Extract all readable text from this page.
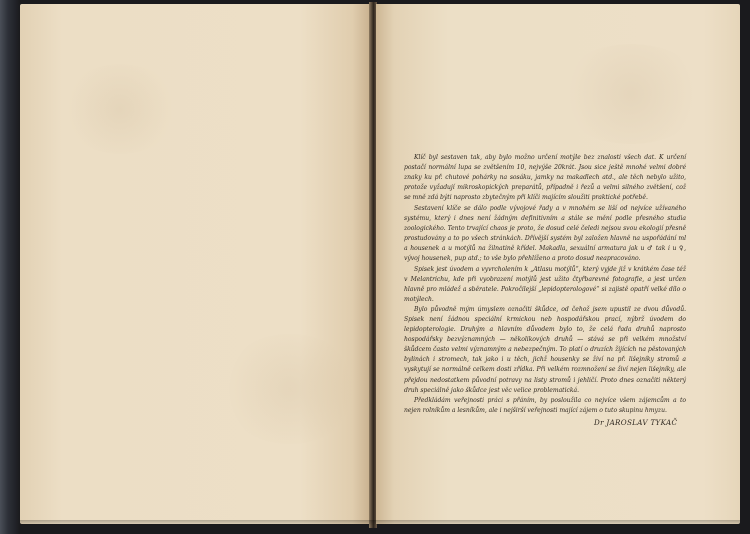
Klíč byl sestaven tak, aby bylo možno určení motýle bez znalosti všech dat. K určení postačí normální lupa se zvětšením 10, nejvýše 20krát. Jsou sice ještě mnohé velmi dobré znaky ku př. chutové pohárky na sosáku, jamky na makadlech atd., ale těch nebylo užito, protože vyžadují mikroskopických preparátů, případně i řezů a velmi silného zvětšení, což se mně zdá býti naprosto zbytečným při klíči majícím sloužiti praktické potřebě.

Sestavení klíče se dálo podle vývojové řady a v mnohém se liší od nejvíce užívaného systému, který i dnes není žádným definitivním a stále se mění podle přesného studia zoologického. Tento trvající chaos je proto, že dosud celé čeledi nejsou svou ekologií přesně prostudovány a to po všech stránkách. Dřívější systém byl založen hlavně na uspořádání ml a housenek a u motýlů na žilnatině křídel. Makadla, sexuální armatura jak u ♂ tak i u ♀, vývoj housenek, pup atd.; to vše bylo přehlíženo a proto dosud neapracováno.

Spisek jest úvodem a vyvrcholením k „Atlasu motýlů“, který vyjde již v krátkém čase též v Melantrichu, kde při vyobrazení motýlů jest užito čtyřbarevné fotografie, a jest určen hlavně pro mládež a sběratele. Pokročilejší „lepidopterologové“ si zajistě opatří velké dílo o motýlech.

Bylo původně mým úmyslem označiti škůdce, od čehož jsem upustil ze dvou důvodů. Spisek není žádnou speciální krmickou neb hospodářskou prací, nýbrž úvodem do lepidopterologie. Druhým a hlavním důvodem bylo to, že celá řada druhů naprosto hospodářsky bezvýznamných — několikových druhů — stává se při velkém množství škůdcem často velmi významným a nebezpečným. To platí o druzích žijících na pěstovaných bylinách i stromech, tak jako i u těch, jichž housenky se živí na př. lišejníky stromů a vyskytují se normálně celkem dosti zřídka. Při velkém rozmnožení se živí nejen lišejníky, ale přejdou nedostatkem původní potravy na listy stromů i jehličí. Proto dnes označiti některý druh speciálně jako škůdce jest věc velice problematická.

Předkládám veřejnosti práci s přáním, by posloužila co nejvíce všem zájemcům a to nejen rolníkům a lesníkům, ale i nejširší veřejnosti mající zájem o tuto skupinu hmyzu.

Dr JAROSLAV TYKAČ
